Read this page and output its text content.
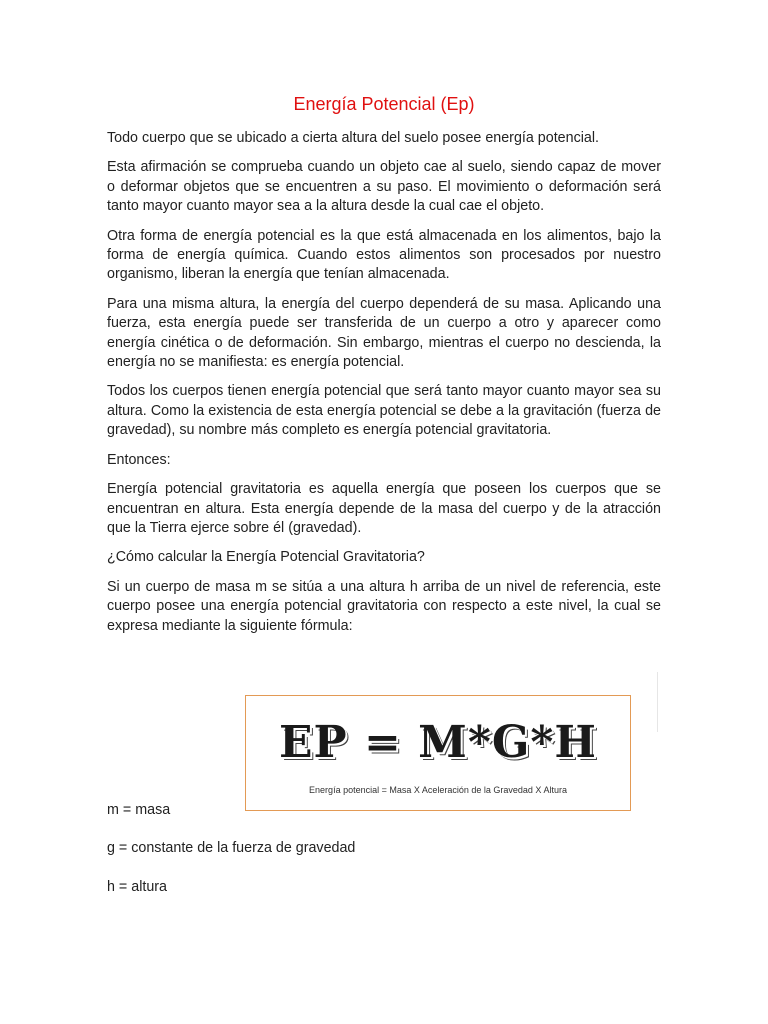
Energía Potencial (Ep)

Todo cuerpo que se ubicado a cierta altura del suelo posee energía potencial.

Esta afirmación se comprueba cuando un objeto cae al suelo, siendo capaz de mover o deformar objetos que se encuentren a su paso. El movimiento o deformación será tanto mayor cuanto mayor sea a la altura desde la cual cae el objeto.

Otra forma de energía potencial es la que está almacenada en los alimentos, bajo la forma de energía química. Cuando estos alimentos son procesados por nuestro organismo, liberan la energía que tenían almacenada.

Para una misma altura, la energía del cuerpo dependerá de su masa. Aplicando una fuerza, esta energía puede ser transferida de un cuerpo a otro y aparecer como energía cinética o de deformación. Sin embargo, mientras el cuerpo no descienda, la energía no se manifiesta: es energía potencial.

Todos los cuerpos tienen energía potencial que será tanto mayor cuanto mayor sea su altura. Como la existencia de esta energía potencial se debe a la gravitación (fuerza de gravedad), su nombre más completo es energía potencial gravitatoria.

Entonces:

Energía potencial gravitatoria es aquella energía que poseen los cuerpos que se encuentran en altura. Esta energía depende de la masa del cuerpo y de la atracción que la Tierra ejerce sobre él (gravedad).

¿Cómo calcular la Energía Potencial Gravitatoria?

Si un cuerpo de masa m se sitúa a una altura h arriba de un nivel de referencia, este cuerpo posee una energía potencial gravitatoria con respecto a este nivel, la cual se expresa mediante la siguiente fórmula:

EP = M*G*H
Energía potencial = Masa X Aceleración de la Gravedad X Altura
m = masa
g = constante de la fuerza de gravedad
h = altura
